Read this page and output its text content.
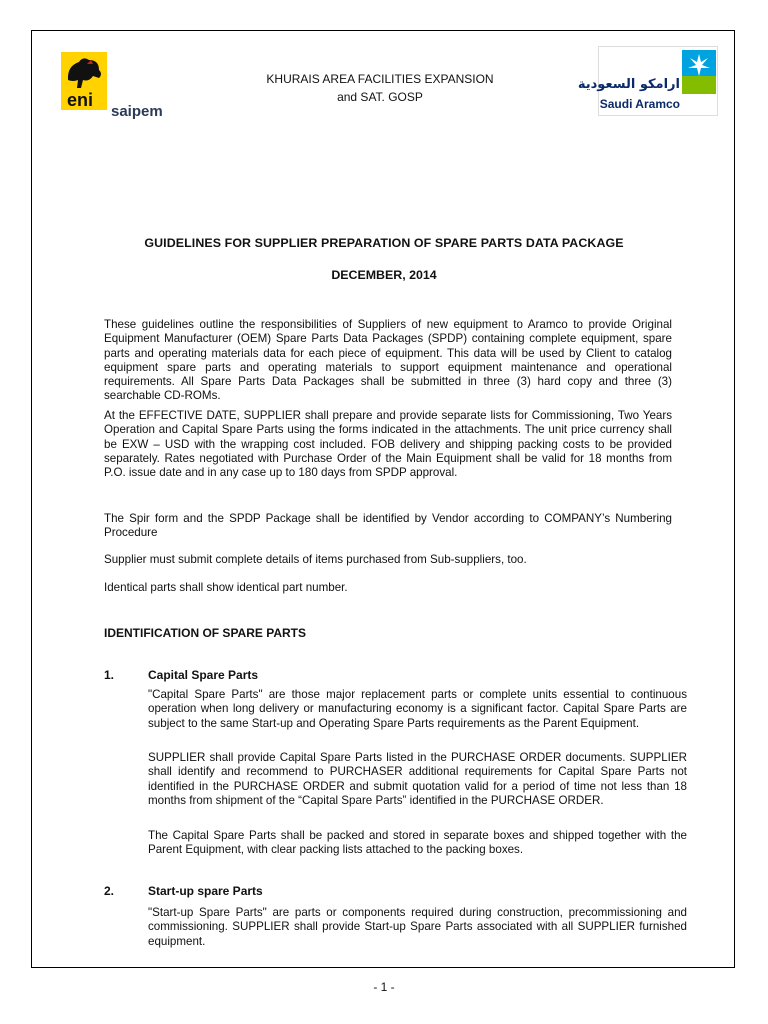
eni
saipem
ارامكو السعودية
Saudi Aramco
KHURAIS AREA FACILITIES EXPANSION
and SAT. GOSP
GUIDELINES FOR SUPPLIER PREPARATION OF SPARE PARTS DATA PACKAGE
DECEMBER, 2014

These guidelines outline the responsibilities of Suppliers of new equipment to Aramco to provide Original Equipment Manufacturer (OEM) Spare Parts Data Packages (SPDP) containing complete equipment, spare parts and operating materials data for each piece of equipment. This data will be used by Client to catalog equipment spare parts and operating materials to support equipment maintenance and operational requirements. All Spare Parts Data Packages shall be submitted in three (3) hard copy and three (3) searchable CD-ROMs.

At the EFFECTIVE DATE, SUPPLIER shall prepare and provide separate lists for Commissioning, Two Years Operation and Capital Spare Parts using the forms indicated in the attachments. The unit price currency shall be EXW – USD with the wrapping cost included. FOB delivery and shipping packing costs to be provided separately. Rates negotiated with Purchase Order of the Main Equipment shall be valid for 18 months from P.O. issue date and in any case up to 180 days from SPDP approval.

The Spir form and the SPDP Package shall be identified by Vendor according to COMPANY’s Numbering Procedure

Supplier must submit complete details of items purchased from Sub-suppliers, too.

Identical parts shall show identical part number.

IDENTIFICATION OF SPARE PARTS
1.	Capital Spare Parts

"Capital Spare Parts" are those major replacement parts or complete units essential to continuous operation when long delivery or manufacturing economy is a significant factor. Capital Spare Parts are subject to the same Start-up and Operating Spare Parts requirements as the Parent Equipment.

SUPPLIER shall provide Capital Spare Parts listed in the PURCHASE ORDER documents. SUPPLIER shall identify and recommend to PURCHASER additional requirements for Capital Spare Parts not identified in the PURCHASE ORDER and submit quotation valid for a period of time not less than 18 months from shipment of the “Capital Spare Parts” identified in the PURCHASE ORDER.

The Capital Spare Parts shall be packed and stored in separate boxes and shipped together with the Parent Equipment, with clear packing lists attached to the packing boxes.

2.	Start-up spare Parts

"Start-up Spare Parts" are parts or components required during construction, precommissioning and commissioning. SUPPLIER shall provide Start-up Spare Parts associated with all SUPPLIER furnished equipment.

- 1 -
